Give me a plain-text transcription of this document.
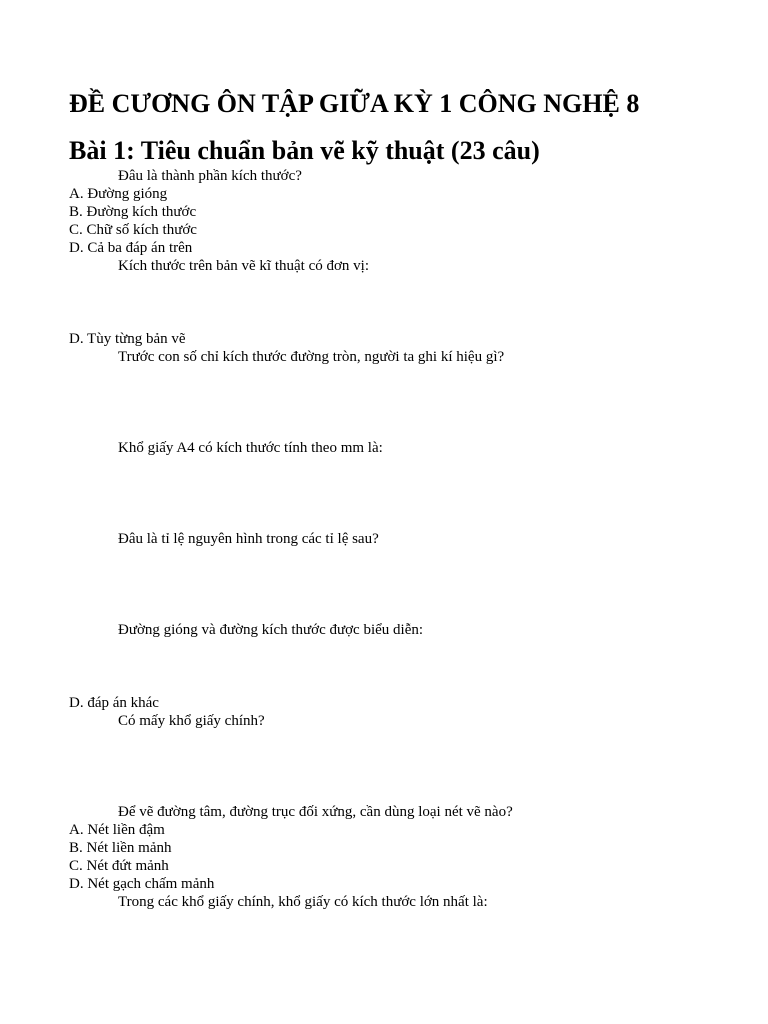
ĐỀ CƯƠNG ÔN TẬP GIỮA KỲ 1 CÔNG NGHỆ 8
Bài 1: Tiêu chuẩn bản vẽ kỹ thuật (23 câu)
Đâu là thành phần kích thước?
A. Đường gióng
B. Đường kích thước
C. Chữ số kích thước
D. Cả ba đáp án trên
Kích thước trên bản vẽ kĩ thuật có đơn vị:
D. Tùy từng bản vẽ
Trước con số chỉ kích thước đường tròn, người ta ghi kí hiệu gì?
Khổ giấy A4 có kích thước tính theo mm là:
Đâu là tỉ lệ nguyên hình trong các tỉ lệ sau?
Đường gióng và đường kích thước được biểu diễn:
D. đáp án khác
Có mấy khổ giấy chính?
Để vẽ đường tâm, đường trục đối xứng, cần dùng loại nét vẽ nào?
A. Nét liền đậm
B. Nét liền mảnh
C. Nét đứt mảnh
D. Nét gạch chấm mảnh
Trong các khổ giấy chính, khổ giấy có kích thước lớn nhất là:
